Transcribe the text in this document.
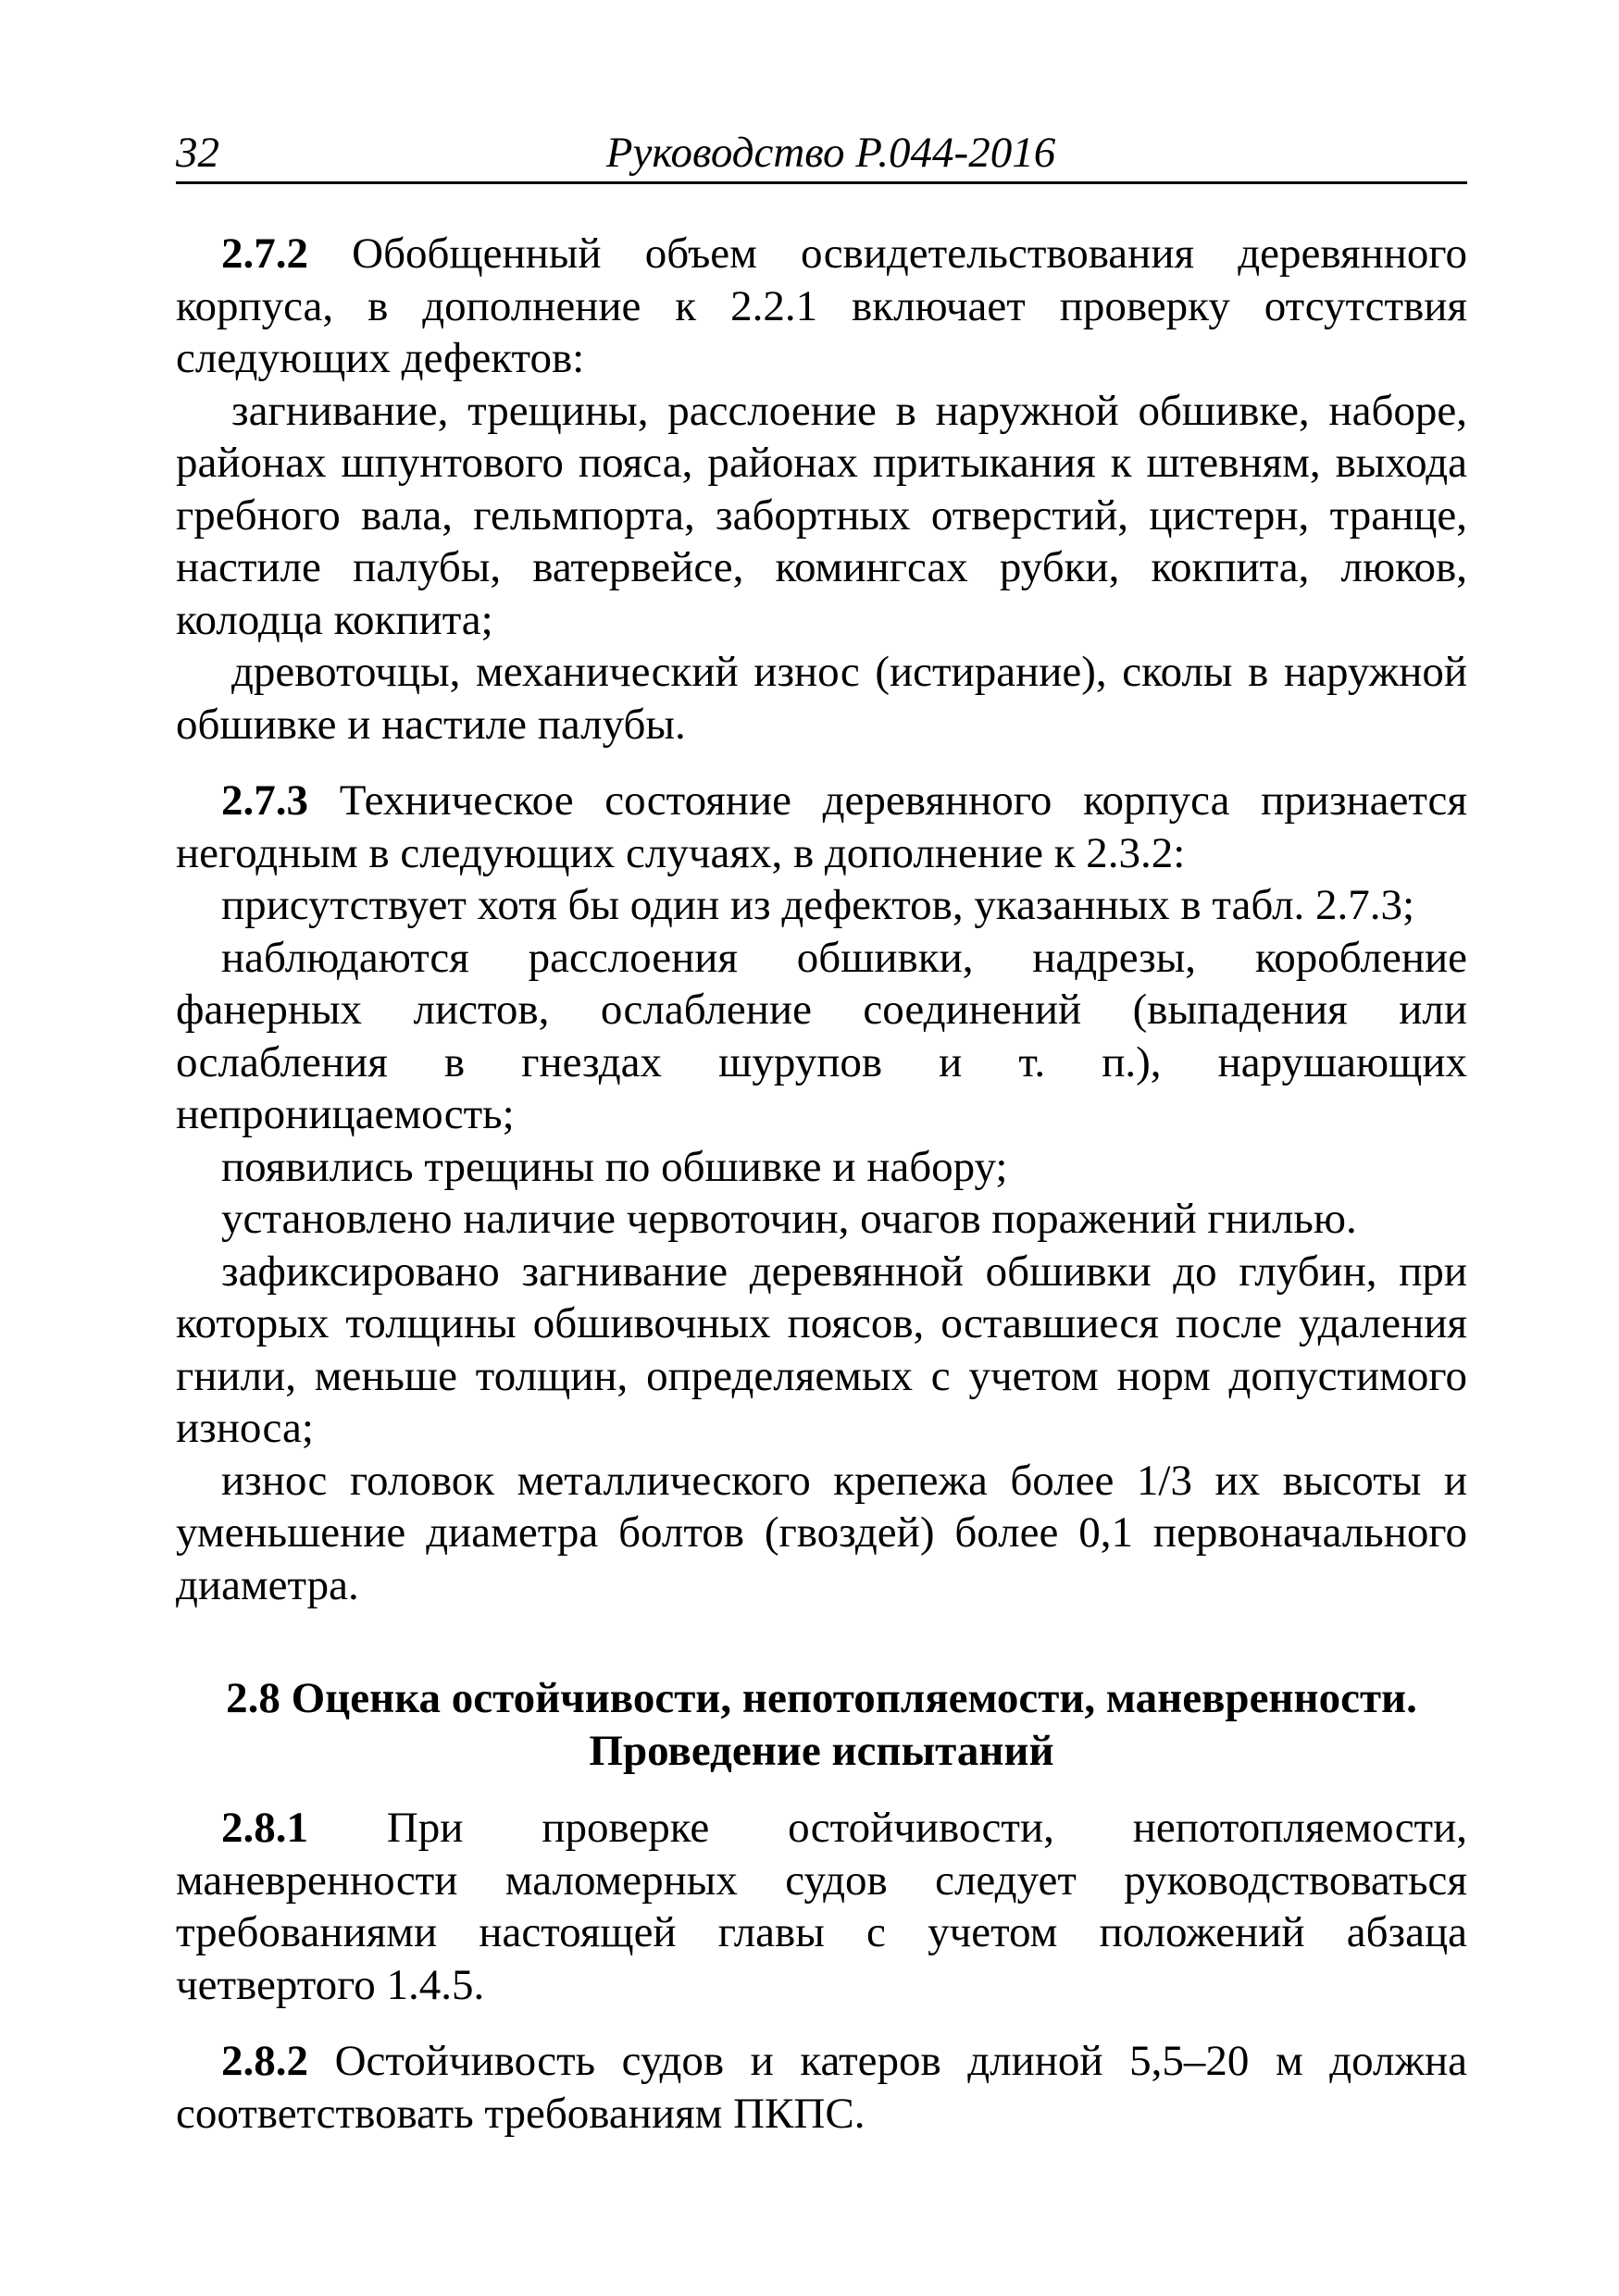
32	Руководство Р.044-2016

2.7.2 Обобщенный объем освидетельствования деревянного корпуса, в дополнение к 2.2.1 включает проверку отсутствия следующих дефектов:

загнивание, трещины, расслоение в наружной обшивке, наборе, районах шпунтового пояса, районах притыкания к штевням, выхода гребного вала, гельмпорта, забортных отверстий, цистерн, транце, настиле палубы, ватервейсе, комингсах рубки, кокпита, люков, колодца кокпита;

древоточцы, механический износ (истирание), сколы в наружной обшивке и настиле палубы.

2.7.3 Техническое состояние деревянного корпуса признается негодным в следующих случаях, в дополнение к 2.3.2:

присутствует хотя бы один из дефектов, указанных в табл. 2.7.3;

наблюдаются расслоения обшивки, надрезы, коробление фанерных листов, ослабление соединений (выпадения или ослабления в гнездах шурупов и т. п.), нарушающих непроницаемость;

появились трещины по обшивке и набору;

установлено наличие червоточин, очагов поражений гнилью.

зафиксировано загнивание деревянной обшивки до глубин, при которых толщины обшивочных поясов, оставшиеся после удаления гнили, меньше толщин, определяемых с учетом норм допустимого износа;

износ головок металлического крепежа более 1/3 их высоты и уменьшение диаметра болтов (гвоздей) более 0,1 первоначального диаметра.

2.8 Оценка остойчивости, непотопляемости, маневренности.

Проведение испытаний

2.8.1 При проверке остойчивости, непотопляемости, маневренности маломерных судов следует руководствоваться требованиями настоящей главы с учетом положений абзаца четвертого 1.4.5.

2.8.2 Остойчивость судов и катеров длиной 5,5–20 м должна соответствовать требованиям ПКПС.
